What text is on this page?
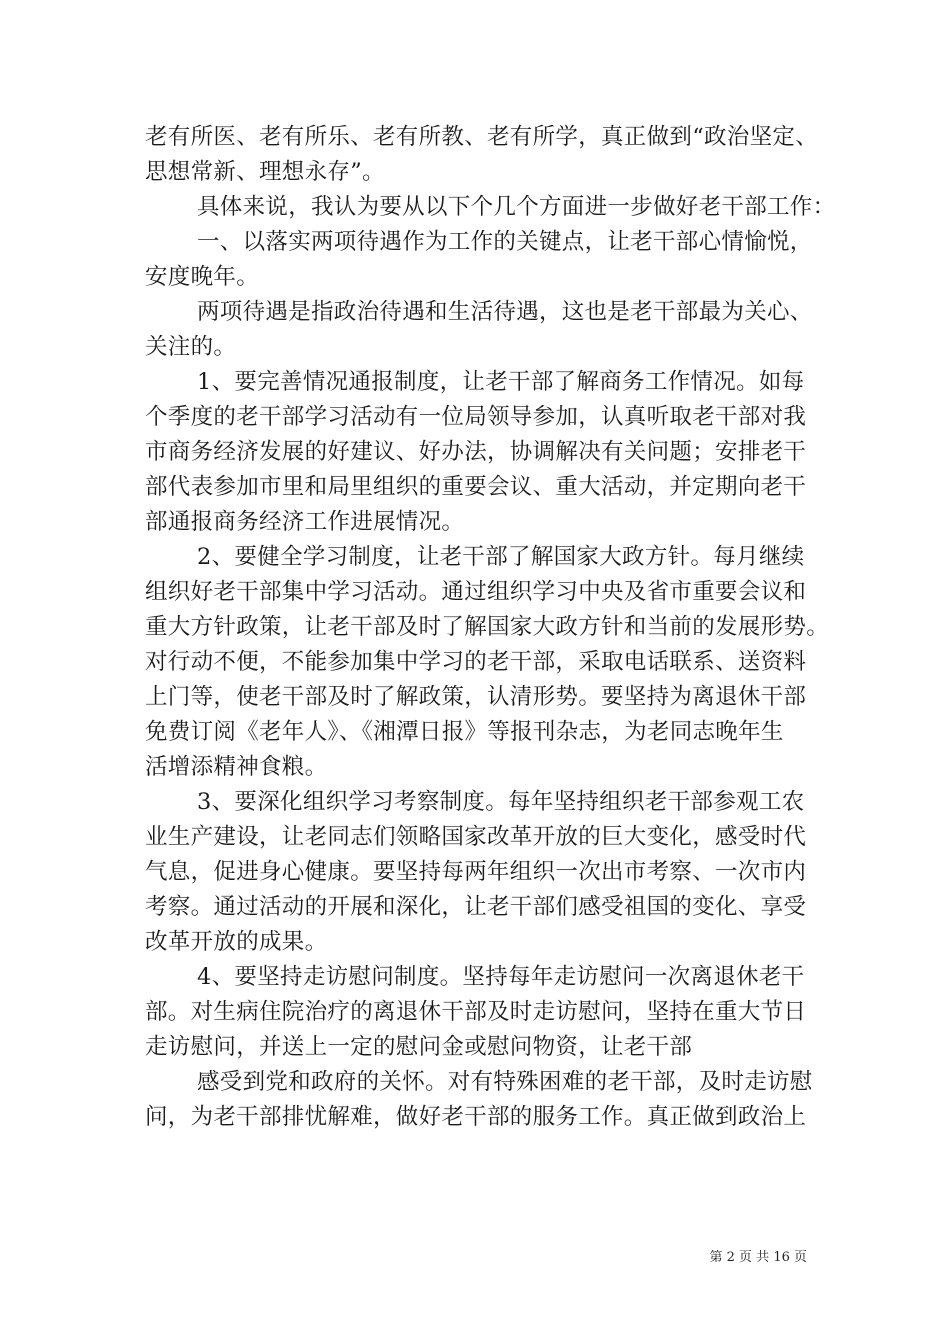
老有所医、老有所乐、老有所教、老有所学，真正做到“政治坚定、
思想常新、理想永存”。
具体来说，我认为要从以下个几个方面进一步做好老干部工作：
一、以落实两项待遇作为工作的关键点，让老干部心情愉悦，
安度晚年。
两项待遇是指政治待遇和生活待遇，这也是老干部最为关心、
关注的。
1、要完善情况通报制度，让老干部了解商务工作情况。如每
个季度的老干部学习活动有一位局领导参加，认真听取老干部对我
市商务经济发展的好建议、好办法，协调解决有关问题；安排老干
部代表参加市里和局里组织的重要会议、重大活动，并定期向老干
部通报商务经济工作进展情况。
2、要健全学习制度，让老干部了解国家大政方针。每月继续
组织好老干部集中学习活动。通过组织学习中央及省市重要会议和
重大方针政策，让老干部及时了解国家大政方针和当前的发展形势。
对行动不便，不能参加集中学习的老干部，采取电话联系、送资料
上门等，使老干部及时了解政策，认清形势。要坚持为离退休干部
免费订阅《老年人》、《湘潭日报》等报刊杂志，为老同志晚年生
活增添精神食粮。
3、要深化组织学习考察制度。每年坚持组织老干部参观工农
业生产建设，让老同志们领略国家改革开放的巨大变化，感受时代
气息，促进身心健康。要坚持每两年组织一次出市考察、一次市内
考察。通过活动的开展和深化，让老干部们感受祖国的变化、享受
改革开放的成果。
4、要坚持走访慰问制度。坚持每年走访慰问一次离退休老干
部。对生病住院治疗的离退休干部及时走访慰问，坚持在重大节日
走访慰问，并送上一定的慰问金或慰问物资，让老干部
感受到党和政府的关怀。对有特殊困难的老干部，及时走访慰
问，为老干部排忧解难，做好老干部的服务工作。真正做到政治上
第 2 页 共 16 页
